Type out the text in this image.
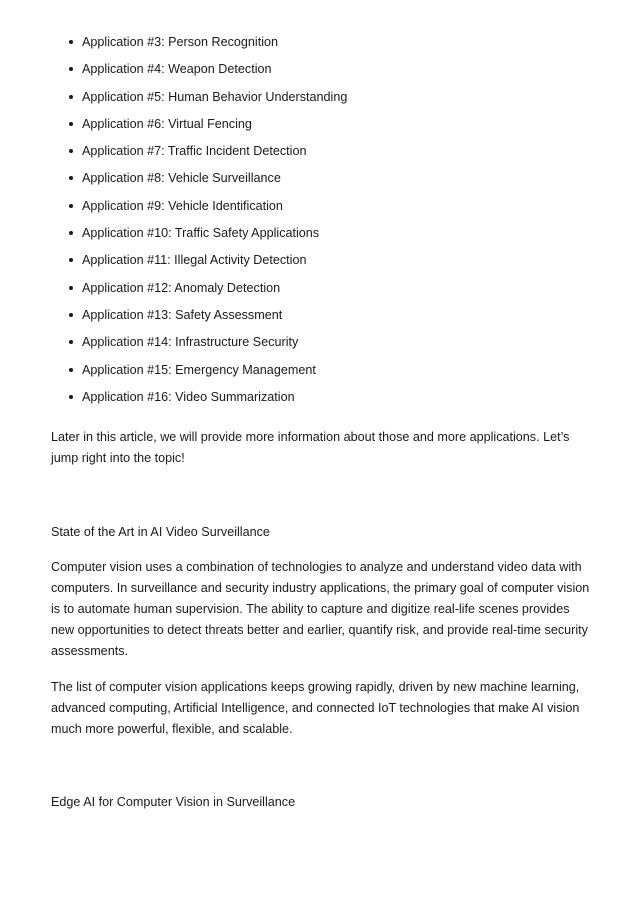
Application #3: Person Recognition
Application #4: Weapon Detection
Application #5: Human Behavior Understanding
Application #6: Virtual Fencing
Application #7: Traffic Incident Detection
Application #8: Vehicle Surveillance
Application #9: Vehicle Identification
Application #10: Traffic Safety Applications
Application #11: Illegal Activity Detection
Application #12: Anomaly Detection
Application #13: Safety Assessment
Application #14: Infrastructure Security
Application #15: Emergency Management
Application #16: Video Summarization

Later in this article, we will provide more information about those and more applications. Let’s
jump right into the topic!

State of the Art in AI Video Surveillance

Computer vision uses a combination of technologies to analyze and understand video data with
computers. In surveillance and security industry applications, the primary goal of computer vision
is to automate human supervision. The ability to capture and digitize real-life scenes provides
new opportunities to detect threats better and earlier, quantify risk, and provide real-time security
assessments.

The list of computer vision applications keeps growing rapidly, driven by new machine learning,
advanced computing, Artificial Intelligence, and connected IoT technologies that make AI vision
much more powerful, flexible, and scalable.

Edge AI for Computer Vision in Surveillance
